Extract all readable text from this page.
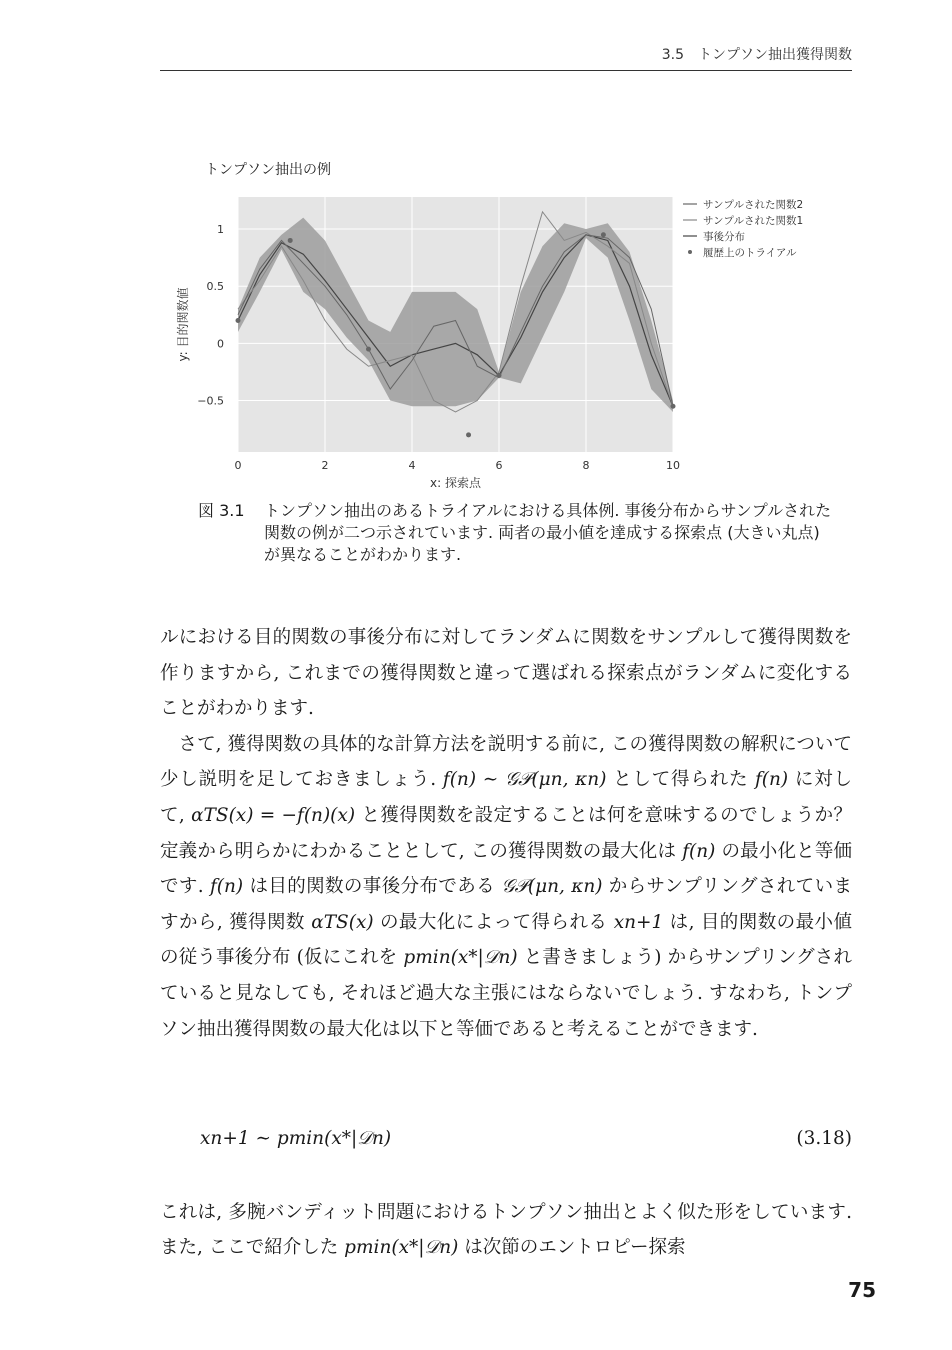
3.5　トンプソン抽出獲得関数
トンプソン抽出の例
0	2	4	6	8	10
1
0.5
0
−0.5
x: 探索点
y: 目的関数値
サンプルされた関数2
サンプルされた関数1
事後分布
履歴上のトライアル
図 3.1 トンプソン抽出のあるトライアルにおける具体例. 事後分布からサンプルされた関数の例が二つ示されています. 両者の最小値を達成する探索点 (大きい丸点) が異なることがわかります.

ルにおける目的関数の事後分布に対してランダムに関数をサンプルして獲得関数を作りますから, これまでの獲得関数と違って選ばれる探索点がランダムに変化することがわかります.

さて, 獲得関数の具体的な計算方法を説明する前に, この獲得関数の解釈について少し説明を足しておきましょう. f(n) ∼ 𝒢𝒫(μn, κn) として得られた f(n) に対して, αTS(x) = −f(n)(x) と獲得関数を設定することは何を意味するのでしょうか？ 定義から明らかにわかることとして, この獲得関数の最大化は f(n) の最小化と等価です. f(n) は目的関数の事後分布である 𝒢𝒫(μn, κn) からサンプリングされていますから, 獲得関数 αTS(x) の最大化によって得られる xn+1 は, 目的関数の最小値の従う事後分布 (仮にこれを pmin(x*|𝒟n) と書きましょう) からサンプリングされていると見なしても, それほど過大な主張にはならないでしょう. すなわち, トンプソン抽出獲得関数の最大化は以下と等価であると考えることができます.

xn+1 ∼ pmin(x*|𝒟n)	(3.18)

これは, 多腕バンディット問題におけるトンプソン抽出とよく似た形をしています. また, ここで紹介した pmin(x*|𝒟n) は次節のエントロピー探索

75
